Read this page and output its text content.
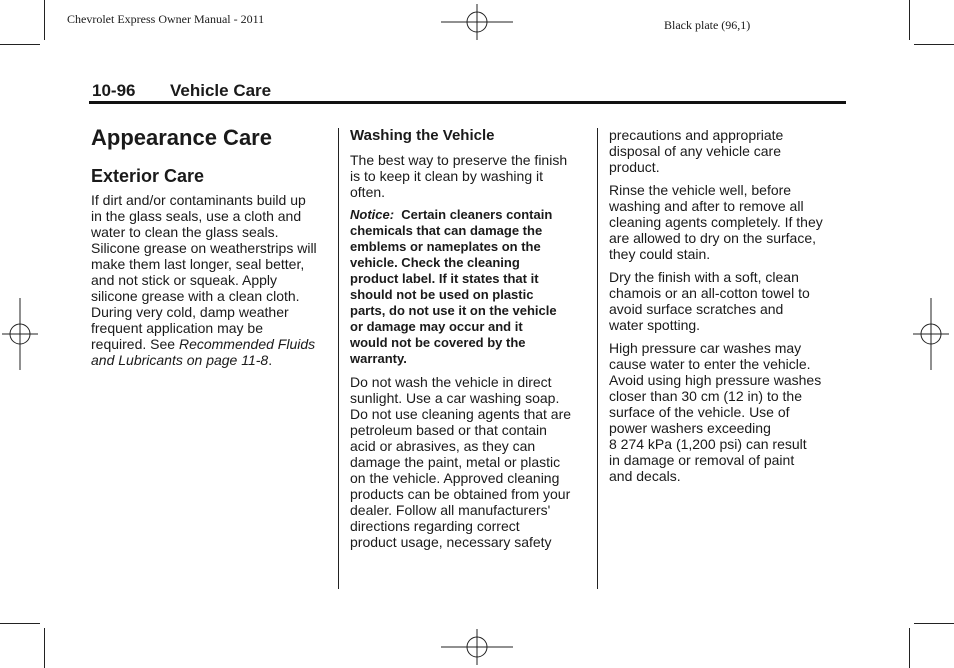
Chevrolet Express Owner Manual - 2011	Black plate (96,1)
10-96 Vehicle Care
Appearance Care
Exterior Care

If dirt and/or contaminants build up
in the glass seals, use a cloth and
water to clean the glass seals.
Silicone grease on weatherstrips will
make them last longer, seal better,
and not stick or squeak. Apply
silicone grease with a clean cloth.
During very cold, damp weather
frequent application may be
required. See Recommended Fluids
and Lubricants on page 11-8.

Washing the Vehicle

The best way to preserve the finish
is to keep it clean by washing it
often.

Notice: Certain cleaners contain
chemicals that can damage the
emblems or nameplates on the
vehicle. Check the cleaning
product label. If it states that it
should not be used on plastic
parts, do not use it on the vehicle
or damage may occur and it
would not be covered by the
warranty.

Do not wash the vehicle in direct
sunlight. Use a car washing soap.
Do not use cleaning agents that are
petroleum based or that contain
acid or abrasives, as they can
damage the paint, metal or plastic
on the vehicle. Approved cleaning
products can be obtained from your
dealer. Follow all manufacturers'
directions regarding correct
product usage, necessary safety

precautions and appropriate
disposal of any vehicle care
product.

Rinse the vehicle well, before
washing and after to remove all
cleaning agents completely. If they
are allowed to dry on the surface,
they could stain.

Dry the finish with a soft, clean
chamois or an all-cotton towel to
avoid surface scratches and
water spotting.

High pressure car washes may
cause water to enter the vehicle.
Avoid using high pressure washes
closer than 30 cm (12 in) to the
surface of the vehicle. Use of
power washers exceeding
8 274 kPa (1,200 psi) can result
in damage or removal of paint
and decals.
